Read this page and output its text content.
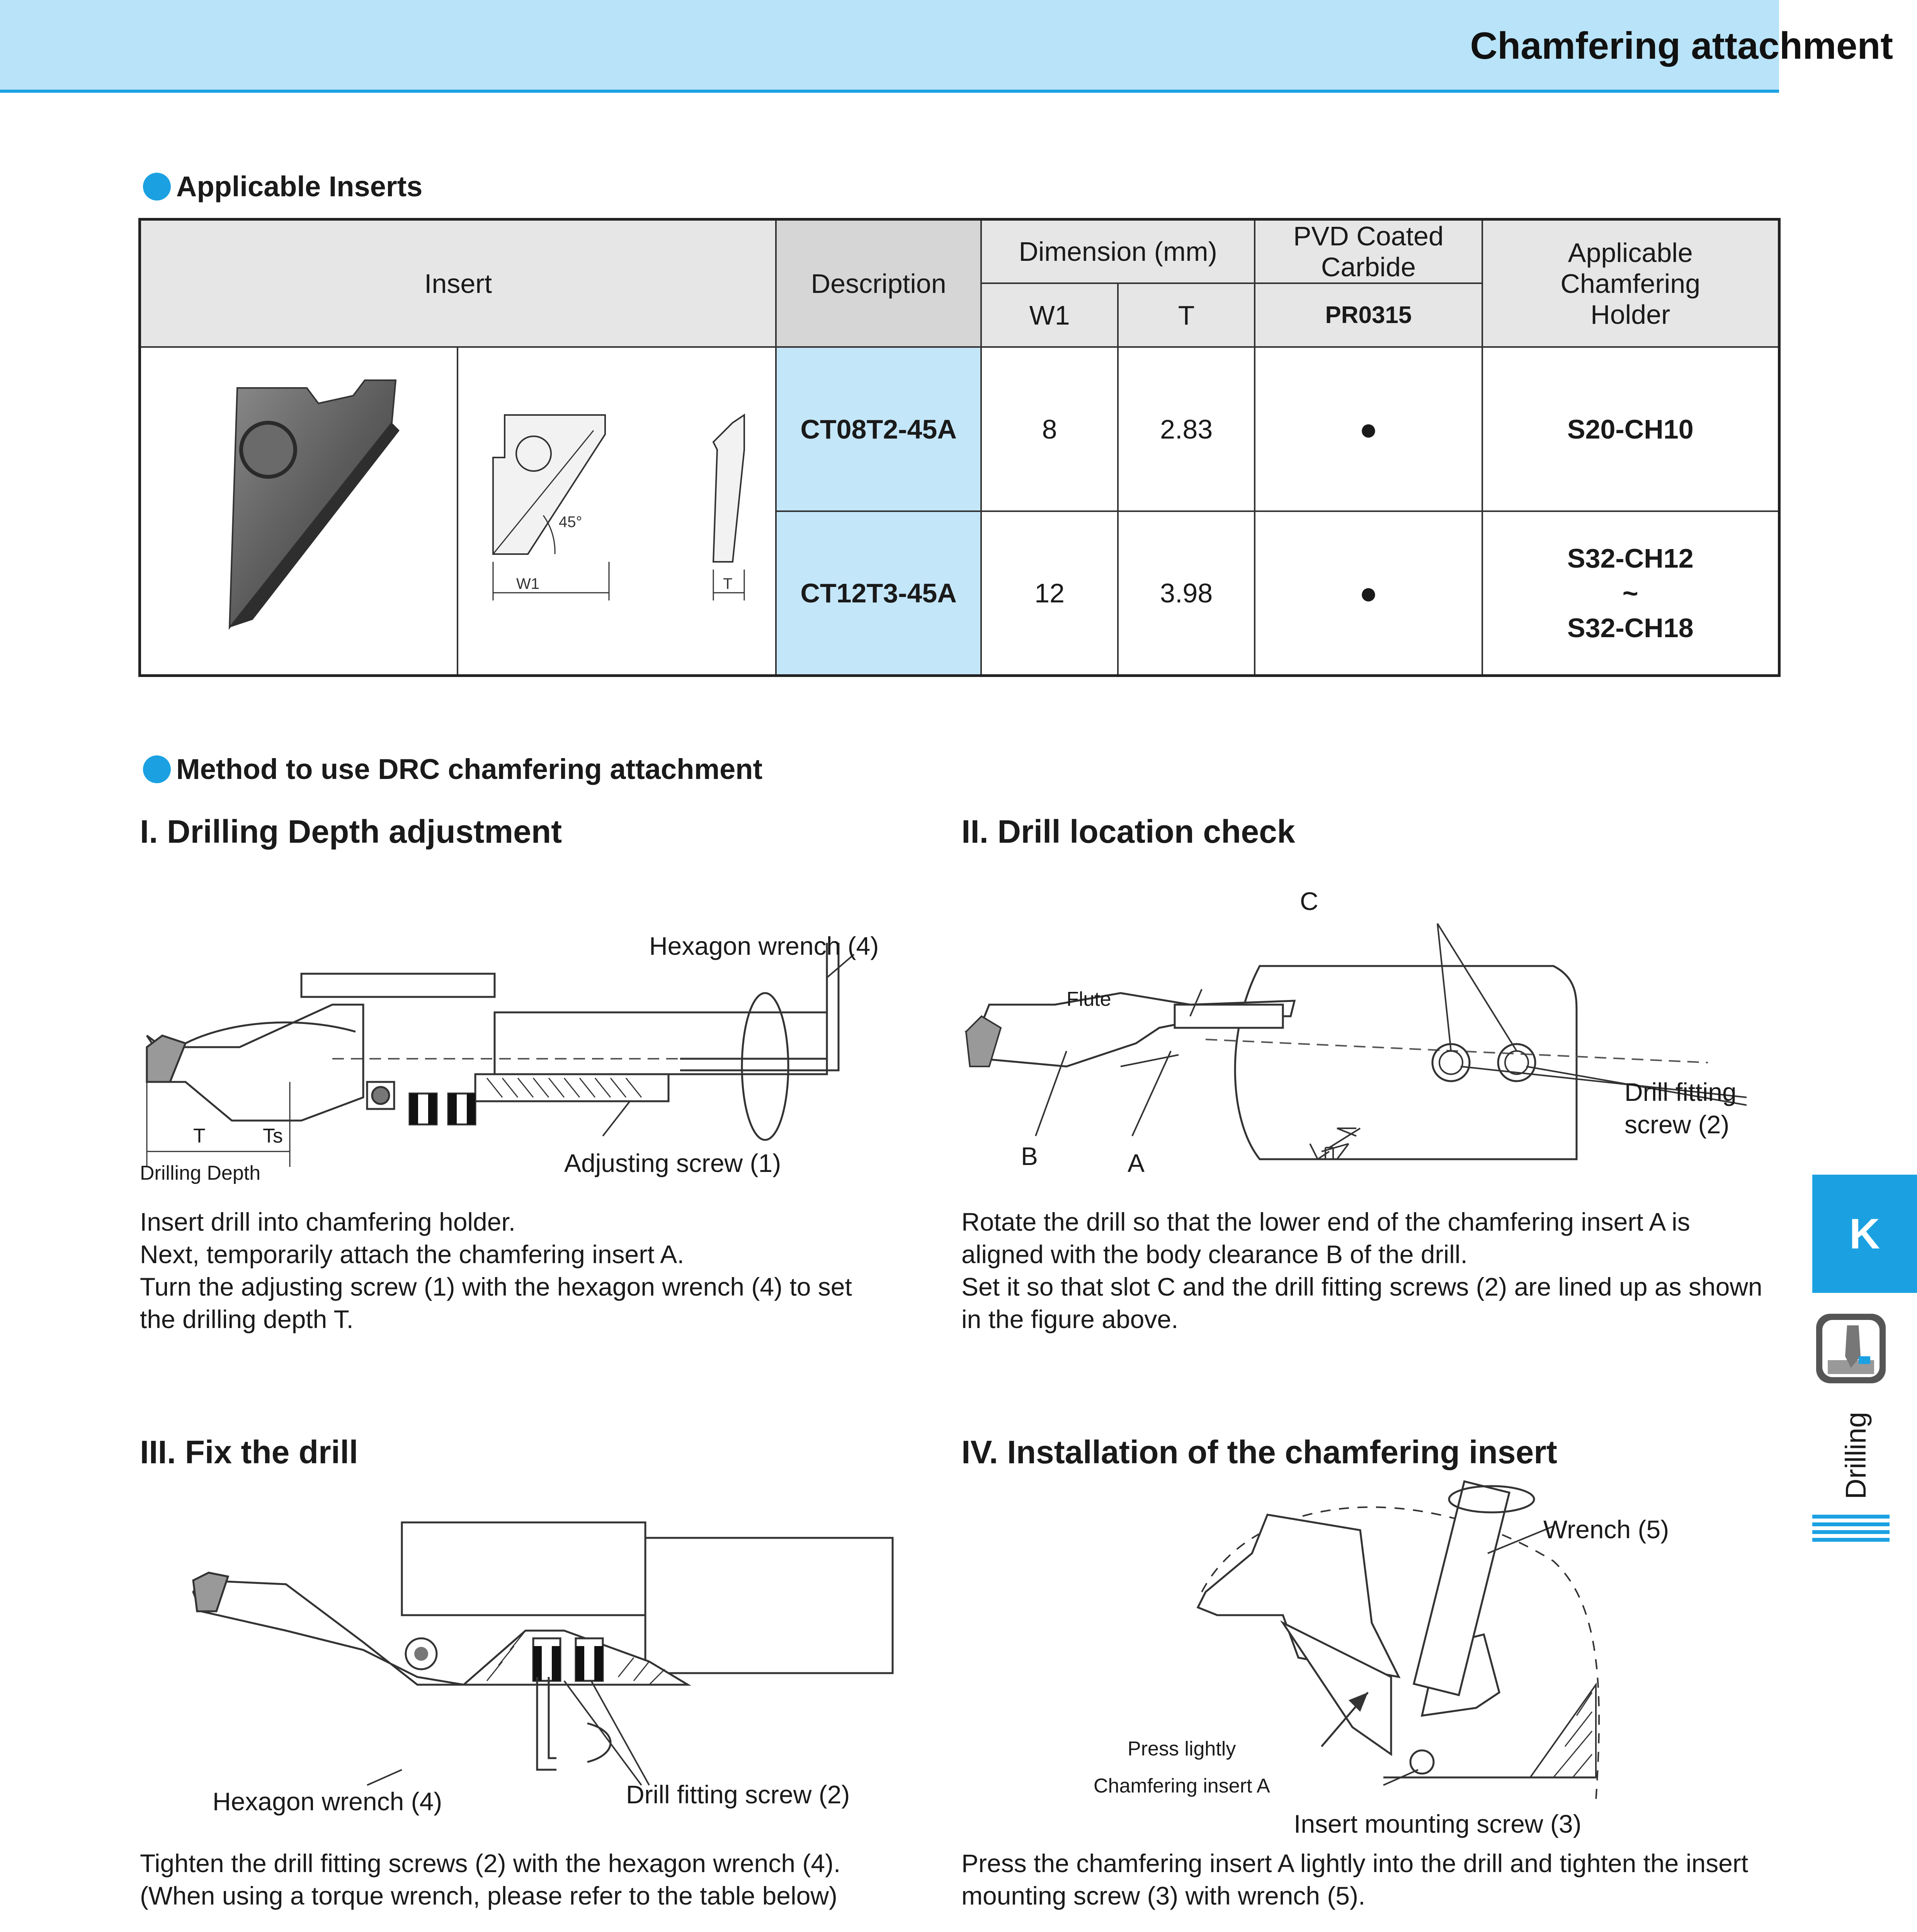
Chamfering attachment
Applicable Inserts
Insert		Description	Dimension (mm)		PVD Coated Carbide	Applicable Chamfering Holder
			W1	T	PR0315	

45°
W1 T	CT08T2-45A	8	2.83	●	S20-CH10
		CT12T3-45A	12	3.98	●	S32-CH12
~
S32-CH18
Method to use DRC chamfering attachment
I. Drilling Depth adjustment
Hexagon wrench (4)
Adjusting screw (1)
T	Ts
Drilling Depth
Insert drill into chamfering holder.
Next, temporarily attach the chamfering insert A.
Turn the adjusting screw (1) with the hexagon wrench (4) to set
the drilling depth T.
II. Drill location check
C
Flute
Drill fitting
screw (2)
B	A
Rotate the drill so that the lower end of the chamfering insert A is
aligned with the body clearance B of the drill.
Set it so that slot C and the drill fitting screws (2) are lined up as shown
in the figure above.
III. Fix the drill
Hexagon wrench (4)	Drill fitting screw (2)
Tighten the drill fitting screws (2) with the hexagon wrench (4).
(When using a torque wrench, please refer to the table below)
IV. Installation of the chamfering insert
Wrench (5)
Press lightly
Chamfering insert A
Insert mounting screw (3)
Press the chamfering insert A lightly into the drill and tighten the insert
mounting screw (3) with wrench (5).

K
Drilling
